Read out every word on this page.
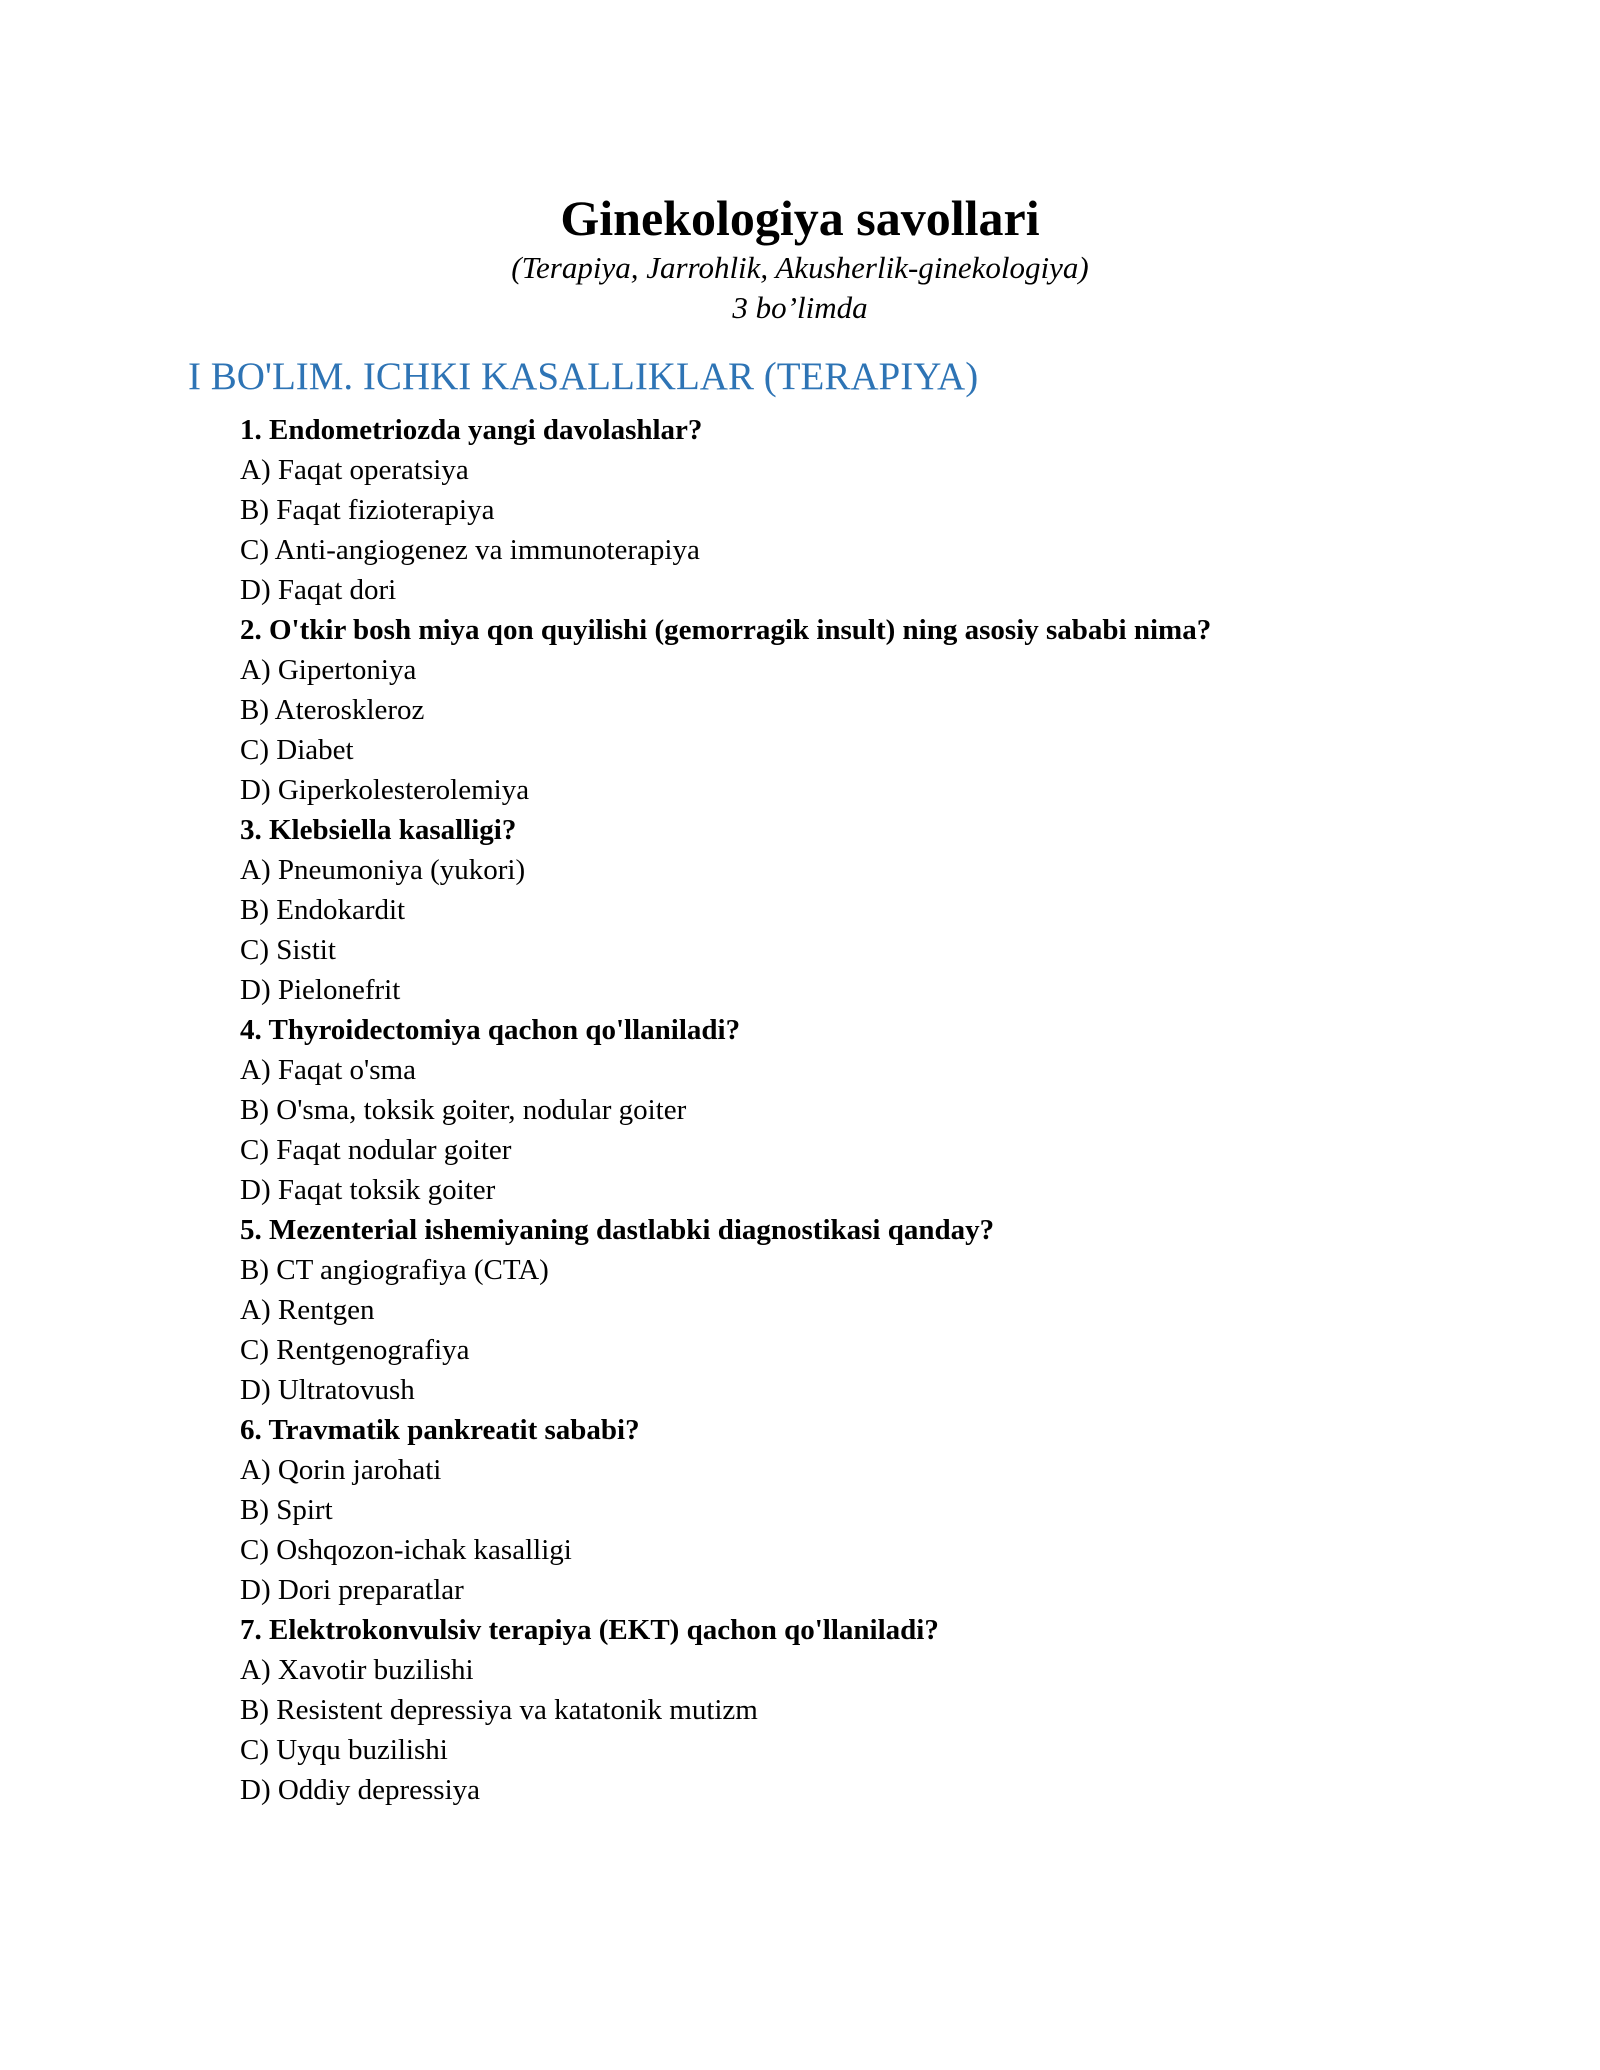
Ginekologiya savollari

(Terapiya, Jarrohlik, Akusherlik-ginekologiya)

3 bo’limda

I BO'LIM. ICHKI KASALLIKLAR (TERAPIYA)
1. Endometriozda yangi davolashlar?
A) Faqat operatsiya
B) Faqat fizioterapiya
C) Anti-angiogenez va immunoterapiya
D) Faqat dori
2. O'tkir bosh miya qon quyilishi (gemorragik insult) ning asosiy sababi nima?
A) Gipertoniya
B) Ateroskleroz
C) Diabet
D) Giperkolesterolemiya
3. Klebsiella kasalligi?
A) Pneumoniya (yukori)
B) Endokardit
C) Sistit
D) Pielonefrit
4. Thyroidectomiya qachon qo'llaniladi?
A) Faqat o'sma
B) O'sma, toksik goiter, nodular goiter
C) Faqat nodular goiter
D) Faqat toksik goiter
5. Mezenterial ishemiyaning dastlabki diagnostikasi qanday?
B) CT angiografiya (CTA)
A) Rentgen
C) Rentgenografiya
D) Ultratovush
6. Travmatik pankreatit sababi?
A) Qorin jarohati
B) Spirt
C) Oshqozon-ichak kasalligi
D) Dori preparatlar
7. Elektrokonvulsiv terapiya (EKT) qachon qo'llaniladi?
A) Xavotir buzilishi
B) Resistent depressiya va katatonik mutizm
C) Uyqu buzilishi
D) Oddiy depressiya
